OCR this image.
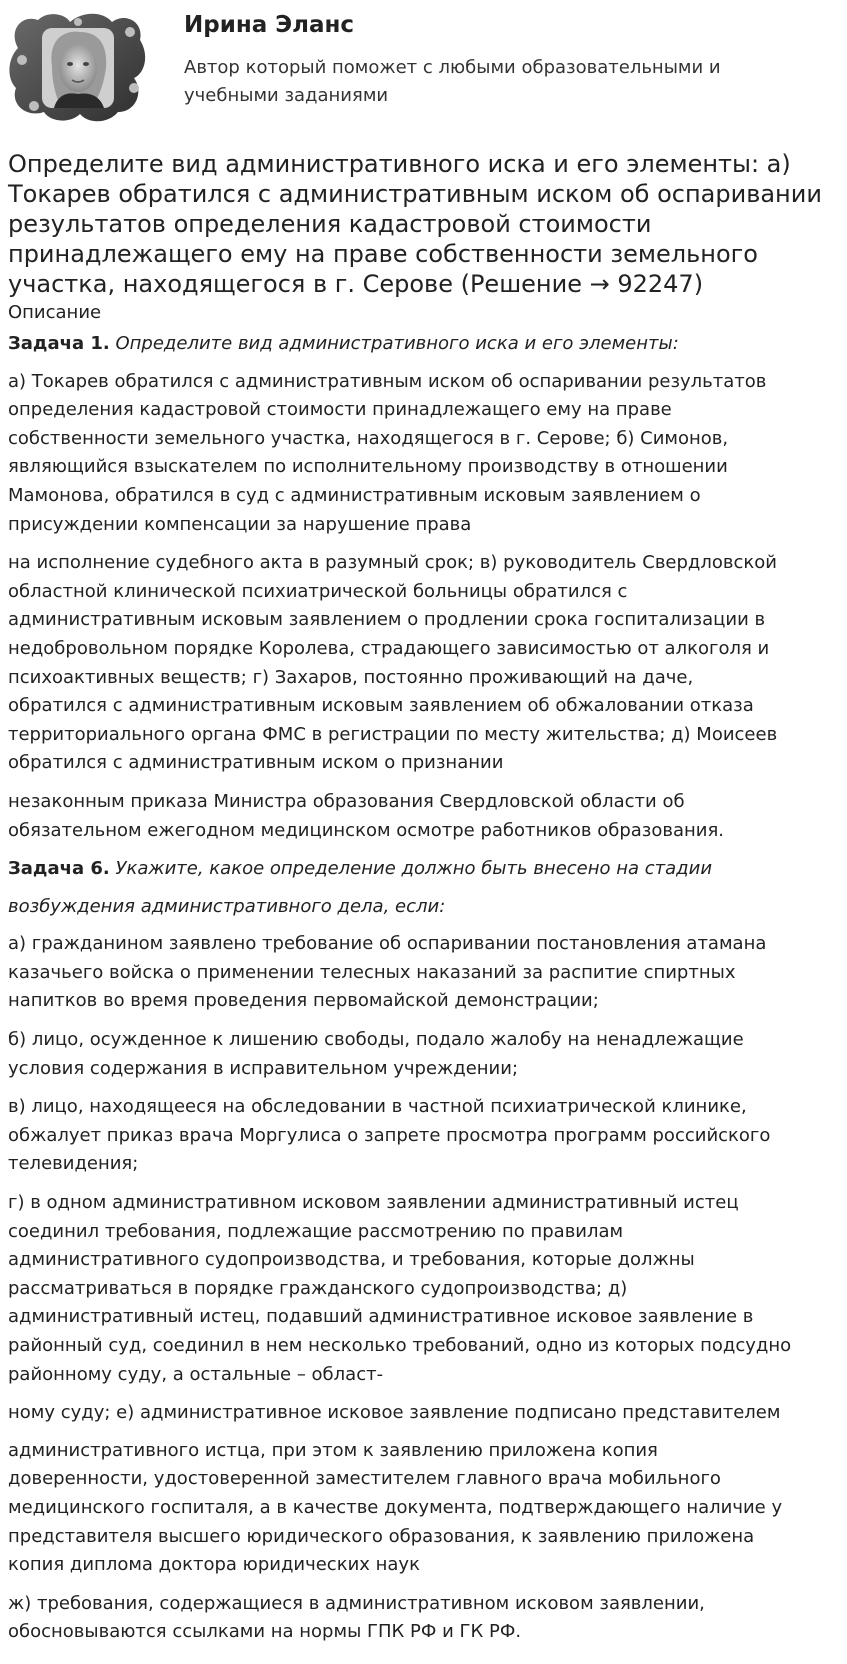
Ирина Эланс
Автор который поможет с любыми образовательными и
учебными заданиями
Определите вид административного иска и его элементы: а)
Токарев обратился с административным иском об оспаривании
результатов определения кадастровой стоимости
принадлежащего ему на праве собственности земельного
участка, находящегося в г. Серове (Решение → 92247)
Описание

Задача 1. Определите вид административного иска и его элементы:

а) Токарев обратился с административным иском об оспаривании результатов
определения кадастровой стоимости принадлежащего ему на праве
собственности земельного участка, находящегося в г. Серове; б) Симонов,
являющийся взыскателем по исполнительному производству в отношении
Мамонова, обратился в суд с административным исковым заявлением о
присуждении компенсации за нарушение права

на исполнение судебного акта в разумный срок; в) руководитель Свердловской
областной клинической психиатрической больницы обратился с
административным исковым заявлением о продлении срока госпитализации в
недобровольном порядке Королева, страдающего зависимостью от алкоголя и
психоактивных веществ; г) Захаров, постоянно проживающий на даче,
обратился с административным исковым заявлением об обжаловании отказа
территориального органа ФМС в регистрации по месту жительства; д) Моисеев
обратился с административным иском о признании

незаконным приказа Министра образования Свердловской области об
обязательном ежегодном медицинском осмотре работников образования.

Задача 6. Укажите, какое определение должно быть внесено на стадии

возбуждения административного дела, если:

а) гражданином заявлено требование об оспаривании постановления атамана
казачьего войска о применении телесных наказаний за распитие спиртных
напитков во время проведения первомайской демонстрации;

б) лицо, осужденное к лишению свободы, подало жалобу на ненадлежащие
условия содержания в исправительном учреждении;

в) лицо, находящееся на обследовании в частной психиатрической клинике,
обжалует приказ врача Моргулиса о запрете просмотра программ российского
телевидения;

г) в одном административном исковом заявлении административный истец
соединил требования, подлежащие рассмотрению по правилам
административного судопроизводства, и требования, которые должны
рассматриваться в порядке гражданского судопроизводства; д)
административный истец, подавший административное исковое заявление в
районный суд, соединил в нем несколько требований, одно из которых подсудно
районному суду, а остальные – област-

ному суду; е) административное исковое заявление подписано представителем

административного истца, при этом к заявлению приложена копия
доверенности, удостоверенной заместителем главного врача мобильного
медицинского госпиталя, а в качестве документа, подтверждающего наличие у
представителя высшего юридического образования, к заявлению приложена
копия диплома доктора юридических наук

ж) требования, содержащиеся в административном исковом заявлении,
обосновываются ссылками на нормы ГПК РФ и ГК РФ.
